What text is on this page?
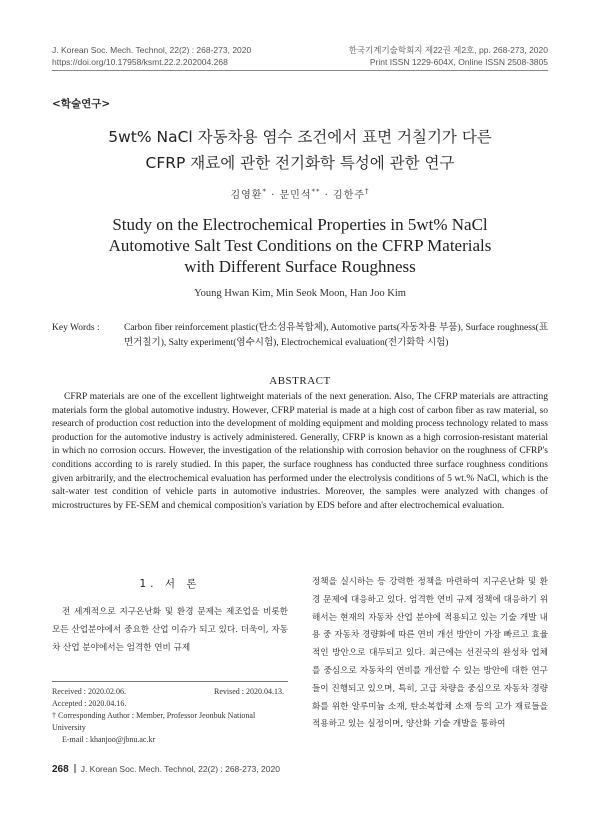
J. Korean Soc. Mech. Technol, 22(2) : 268-273, 2020
https://doi.org/10.17958/ksmt.22.2.202004.268
한국기계기술학회지 제22권 제2호, pp. 268-273, 2020
Print ISSN 1229-604X, Online ISSN 2508-3805
<학술연구>
5wt% NaCl 자동차용 염수 조건에서 표면 거칠기가 다른
CFRP 재료에 관한 전기화학 특성에 관한 연구
김영환* · 문민석** · 김한주†
Study on the Electrochemical Properties in 5wt% NaCl
Automotive Salt Test Conditions on the CFRP Materials
with Different Surface Roughness
Young Hwan Kim, Min Seok Moon, Han Joo Kim
Key Words :	Carbon fiber reinforcement plastic(탄소섬유복합체), Automotive parts(자동차용 부품), Surface roughness(표면거칠기), Salty experiment(염수시험), Electrochemical evaluation(전기화학 시험)
ABSTRACT
CFRP materials are one of the excellent lightweight materials of the next generation. Also, The CFRP materials are attracting materials form the global automotive industry. However, CFRP material is made at a high cost of carbon fiber as raw material, so research of production cost reduction into the development of molding equipment and molding process technology related to mass production for the automotive industry is actively administered. Generally, CFRP is known as a high corrosion-resistant material in which no corrosion occurs. However, the investigation of the relationship with corrosion behavior on the roughness of CFRP's conditions according to is rarely studied. In this paper, the surface roughness has conducted three surface roughness conditions given arbitrarily, and the electrochemical evaluation has performed under the electrolysis conditions of 5 wt.% NaCl, which is the salt-water test condition of vehicle parts in automotive industries. Moreover, the samples were analyzed with changes of microstructures by FE-SEM and chemical composition's variation by EDS before and after electrochemical evaluation.
1. 서 론
전 세계적으로 지구온난화 및 환경 문제는 제조업을 비롯한 모든 산업분야에서 중요한 산업 이슈가 되고 있다. 더욱이, 자동차 산업 분야에서는 엄격한 연비 규제
Received : 2020.02.06.	Revised : 2020.04.13.
Accepted : 2020.04.16.
† Corresponding Author : Member, Professor Jeonbuk National University
E-mail : khanjoo@jbnu.ac.kr
정책을 실시하는 등 강력한 정책을 마련하여 지구온난화 및 환경 문제에 대응하고 있다. 엄격한 연비 규제 정책에 대응하기 위해서는 현재의 자동차 산업 분야에 적용되고 있는 기술 개발 내용 중 자동차 경량화에 따른 연비 개선 방안이 가장 빠르고 효율적인 방안으로 대두되고 있다. 최근에는 선진국의 완성차 업체를 중심으로 자동차의 연비를 개선할 수 있는 방안에 대한 연구들이 진행되고 있으며, 특히, 고급 차량을 중심으로 자동차 경량화를 위한 알루미늄 소재, 탄소복합체 소재 등의 고가 재료들을 적용하고 있는 실정이며, 양산화 기술 개발을 통하여
268 J. Korean Soc. Mech. Technol, 22(2) : 268-273, 2020
